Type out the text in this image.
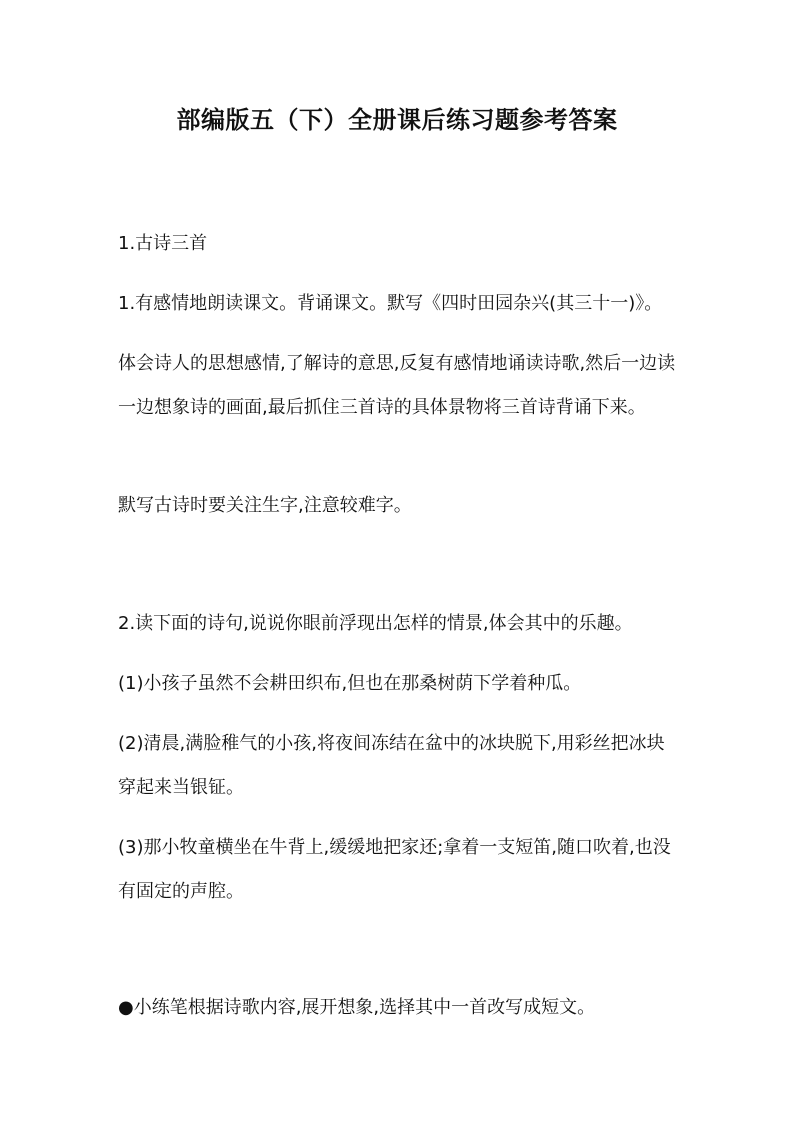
部编版五（下）全册课后练习题参考答案

1.古诗三首

1.有感情地朗读课文。背诵课文。默写《四时田园杂兴(其三十一)》。

体会诗人的思想感情,了解诗的意思,反复有感情地诵读诗歌,然后一边读一边想象诗的画面,最后抓住三首诗的具体景物将三首诗背诵下来。

默写古诗时要关注生字,注意较难字。

2.读下面的诗句,说说你眼前浮现出怎样的情景,体会其中的乐趣。

(1)小孩子虽然不会耕田织布,但也在那桑树荫下学着种瓜。

(2)清晨,满脸稚气的小孩,将夜间冻结在盆中的冰块脱下,用彩丝把冰块穿起来当银钲。

(3)那小牧童横坐在牛背上,缓缓地把家还;拿着一支短笛,随口吹着,也没有固定的声腔。

●小练笔根据诗歌内容,展开想象,选择其中一首改写成短文。
